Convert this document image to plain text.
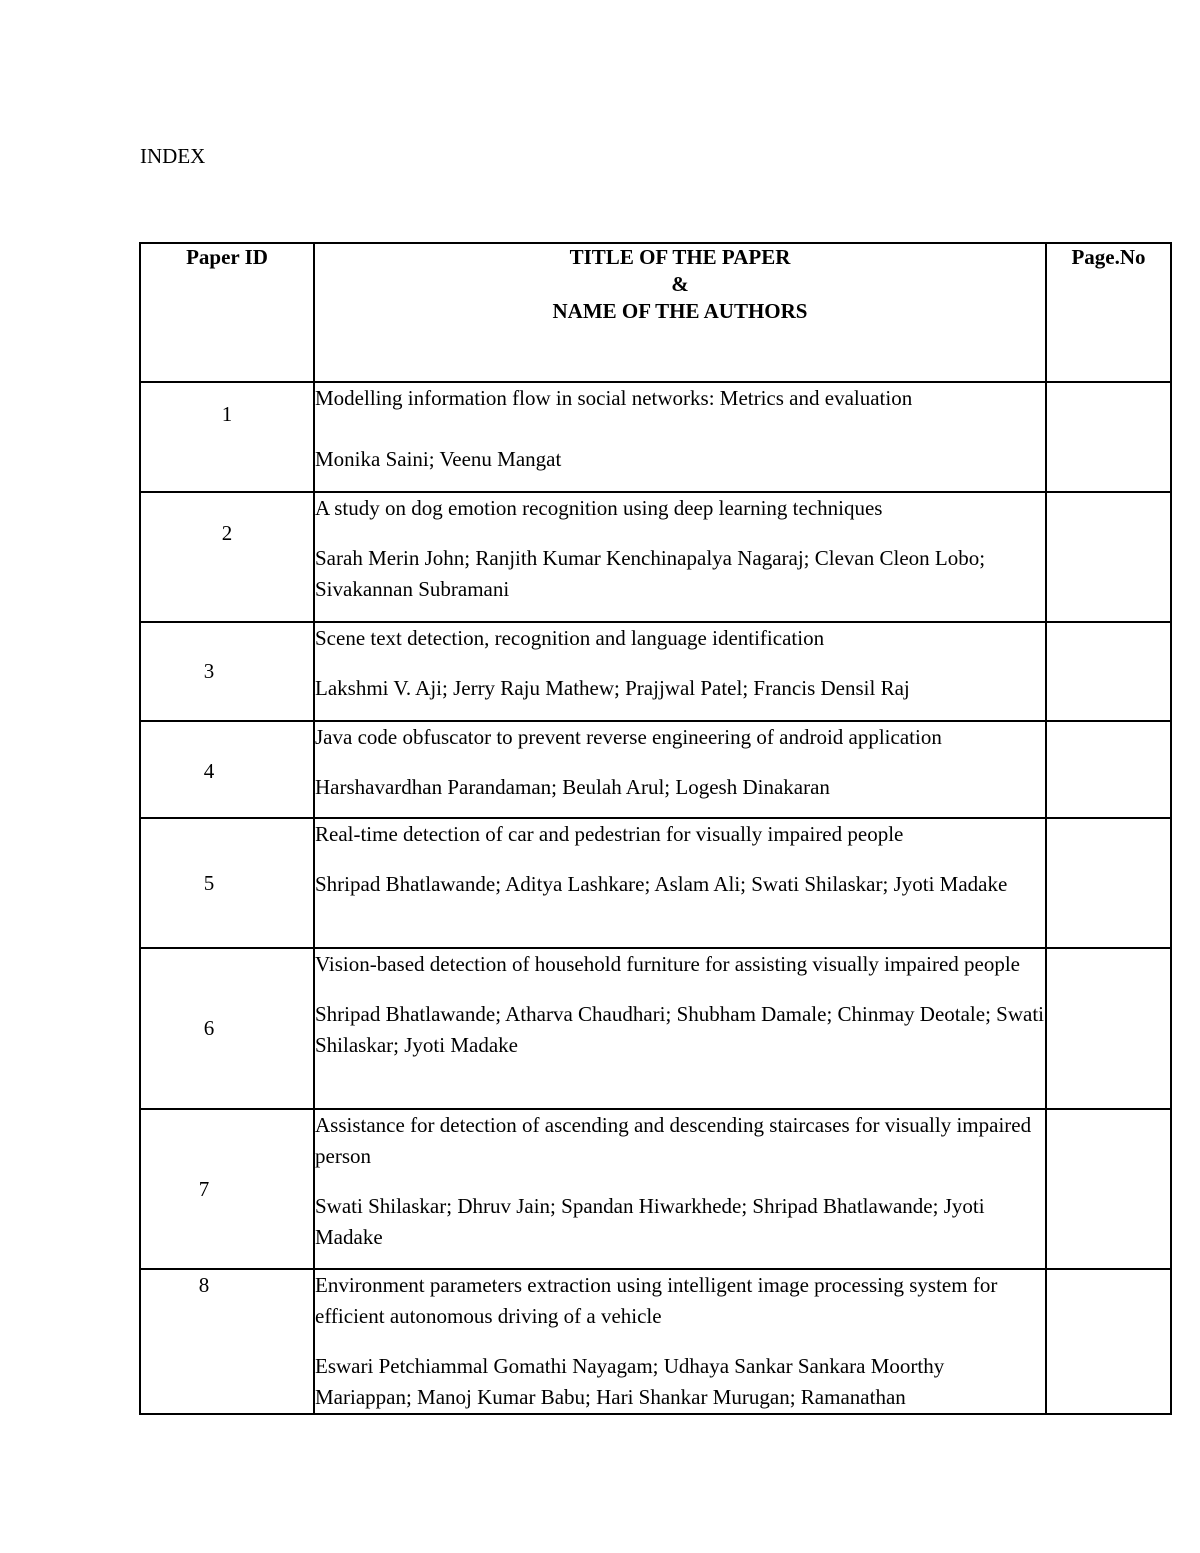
INDEX
Paper ID	TITLE OF THE PAPER
&
NAME OF THE AUTHORS	Page.No
1	Modelling information flow in social networks: Metrics and evaluation
Monika Saini; Veenu Mangat	

2	A study on dog emotion recognition using deep learning techniques
Sarah Merin John; Ranjith Kumar Kenchinapalya Nagaraj; Clevan Cleon Lobo; Sivakannan Subramani	

3	Scene text detection, recognition and language identification
Lakshmi V. Aji; Jerry Raju Mathew; Prajjwal Patel; Francis Densil Raj	

4	Java code obfuscator to prevent reverse engineering of android application
Harshavardhan Parandaman; Beulah Arul; Logesh Dinakaran	

5	Real-time detection of car and pedestrian for visually impaired people
Shripad Bhatlawande; Aditya Lashkare; Aslam Ali; Swati Shilaskar; Jyoti Madake	

6	Vision-based detection of household furniture for assisting visually impaired people
Shripad Bhatlawande; Atharva Chaudhari; Shubham Damale; Chinmay Deotale; Swati Shilaskar; Jyoti Madake	

7	Assistance for detection of ascending and descending staircases for visually impaired person
Swati Shilaskar; Dhruv Jain; Spandan Hiwarkhede; Shripad Bhatlawande; Jyoti Madake	

8	Environment parameters extraction using intelligent image processing system for efficient autonomous driving of a vehicle
Eswari Petchiammal Gomathi Nayagam; Udhaya Sankar Sankara Moorthy Mariappan; Manoj Kumar Babu; Hari Shankar Murugan; Ramanathan	
